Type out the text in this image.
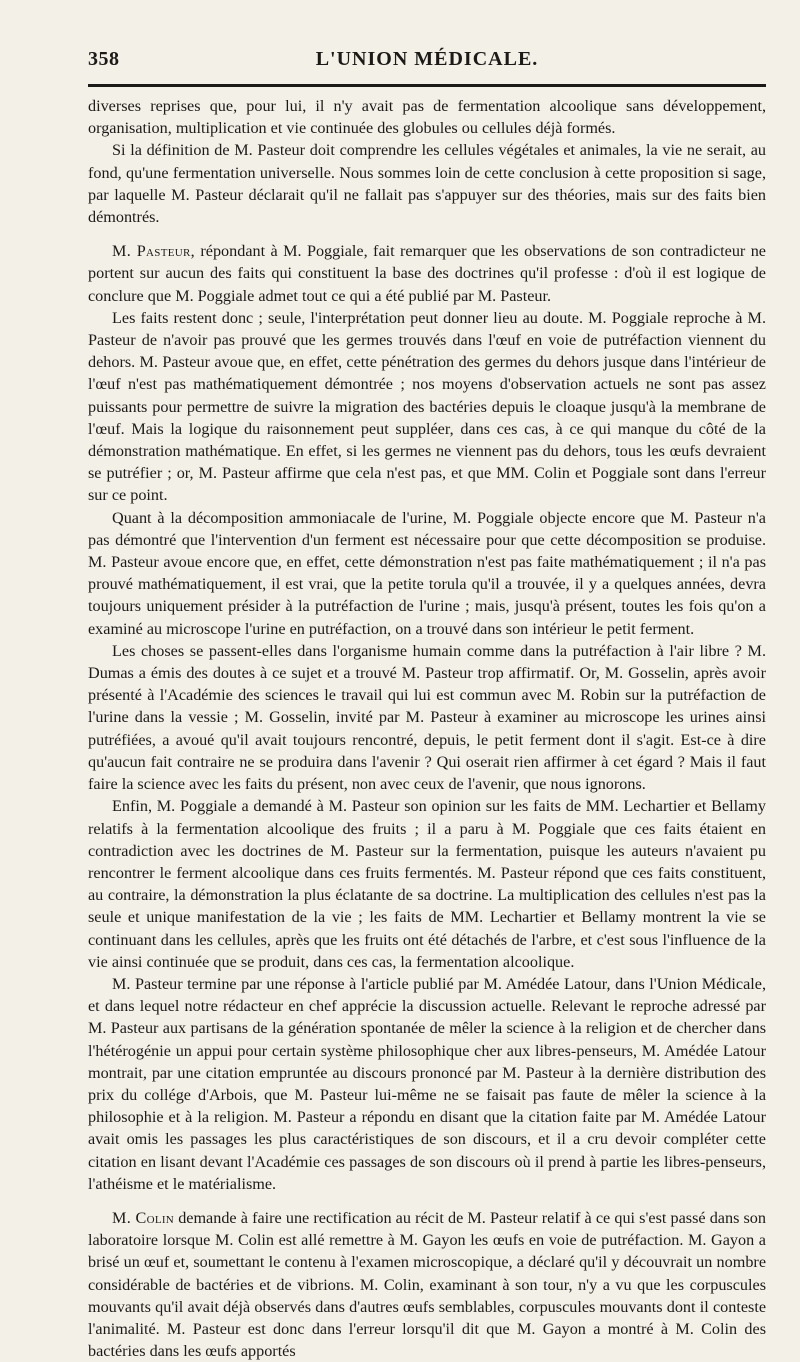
358	L'UNION MÉDICALE.

diverses reprises que, pour lui, il n'y avait pas de fermentation alcoolique sans développement, organisation, multiplication et vie continuée des globules ou cellules déjà formés.

Si la définition de M. Pasteur doit comprendre les cellules végétales et animales, la vie ne serait, au fond, qu'une fermentation universelle. Nous sommes loin de cette conclusion à cette proposition si sage, par laquelle M. Pasteur déclarait qu'il ne fallait pas s'appuyer sur des théories, mais sur des faits bien démontrés.

M. Pasteur, répondant à M. Poggiale, fait remarquer que les observations de son contradicteur ne portent sur aucun des faits qui constituent la base des doctrines qu'il professe : d'où il est logique de conclure que M. Poggiale admet tout ce qui a été publié par M. Pasteur.

Les faits restent donc ; seule, l'interprétation peut donner lieu au doute. M. Poggiale reproche à M. Pasteur de n'avoir pas prouvé que les germes trouvés dans l'œuf en voie de putréfaction viennent du dehors. M. Pasteur avoue que, en effet, cette pénétration des germes du dehors jusque dans l'intérieur de l'œuf n'est pas mathématiquement démontrée ; nos moyens d'observation actuels ne sont pas assez puissants pour permettre de suivre la migration des bactéries depuis le cloaque jusqu'à la membrane de l'œuf. Mais la logique du raisonnement peut suppléer, dans ces cas, à ce qui manque du côté de la démonstration mathématique. En effet, si les germes ne viennent pas du dehors, tous les œufs devraient se putréfier ; or, M. Pasteur affirme que cela n'est pas, et que MM. Colin et Poggiale sont dans l'erreur sur ce point.

Quant à la décomposition ammoniacale de l'urine, M. Poggiale objecte encore que M. Pasteur n'a pas démontré que l'intervention d'un ferment est nécessaire pour que cette décomposition se produise. M. Pasteur avoue encore que, en effet, cette démonstration n'est pas faite mathématiquement ; il n'a pas prouvé mathématiquement, il est vrai, que la petite torula qu'il a trouvée, il y a quelques années, devra toujours uniquement présider à la putréfaction de l'urine ; mais, jusqu'à présent, toutes les fois qu'on a examiné au microscope l'urine en putréfaction, on a trouvé dans son intérieur le petit ferment.

Les choses se passent-elles dans l'organisme humain comme dans la putréfaction à l'air libre ? M. Dumas a émis des doutes à ce sujet et a trouvé M. Pasteur trop affirmatif. Or, M. Gosselin, après avoir présenté à l'Académie des sciences le travail qui lui est commun avec M. Robin sur la putréfaction de l'urine dans la vessie ; M. Gosselin, invité par M. Pasteur à examiner au microscope les urines ainsi putréfiées, a avoué qu'il avait toujours rencontré, depuis, le petit ferment dont il s'agit. Est-ce à dire qu'aucun fait contraire ne se produira dans l'avenir ? Qui oserait rien affirmer à cet égard ? Mais il faut faire la science avec les faits du présent, non avec ceux de l'avenir, que nous ignorons.

Enfin, M. Poggiale a demandé à M. Pasteur son opinion sur les faits de MM. Lechartier et Bellamy relatifs à la fermentation alcoolique des fruits ; il a paru à M. Poggiale que ces faits étaient en contradiction avec les doctrines de M. Pasteur sur la fermentation, puisque les auteurs n'avaient pu rencontrer le ferment alcoolique dans ces fruits fermentés. M. Pasteur répond que ces faits constituent, au contraire, la démonstration la plus éclatante de sa doctrine. La multiplication des cellules n'est pas la seule et unique manifestation de la vie ; les faits de MM. Lechartier et Bellamy montrent la vie se continuant dans les cellules, après que les fruits ont été détachés de l'arbre, et c'est sous l'influence de la vie ainsi continuée que se produit, dans ces cas, la fermentation alcoolique.

M. Pasteur termine par une réponse à l'article publié par M. Amédée Latour, dans l'Union Médicale, et dans lequel notre rédacteur en chef apprécie la discussion actuelle. Relevant le reproche adressé par M. Pasteur aux partisans de la génération spontanée de mêler la science à la religion et de chercher dans l'hétérogénie un appui pour certain système philosophique cher aux libres-penseurs, M. Amédée Latour montrait, par une citation empruntée au discours prononcé par M. Pasteur à la dernière distribution des prix du collége d'Arbois, que M. Pasteur lui-même ne se faisait pas faute de mêler la science à la philosophie et à la religion. M. Pasteur a répondu en disant que la citation faite par M. Amédée Latour avait omis les passages les plus caractéristiques de son discours, et il a cru devoir compléter cette citation en lisant devant l'Académie ces passages de son discours où il prend à partie les libres-penseurs, l'athéisme et le matérialisme.

M. Colin demande à faire une rectification au récit de M. Pasteur relatif à ce qui s'est passé dans son laboratoire lorsque M. Colin est allé remettre à M. Gayon les œufs en voie de putréfaction. M. Gayon a brisé un œuf et, soumettant le contenu à l'examen microscopique, a déclaré qu'il y découvrait un nombre considérable de bactéries et de vibrions. M. Colin, examinant à son tour, n'y a vu que les corpuscules mouvants qu'il avait déjà observés dans d'autres œufs semblables, corpuscules mouvants dont il conteste l'animalité. M. Pasteur est donc dans l'erreur lorsqu'il dit que M. Gayon a montré à M. Colin des bactéries dans les œufs apportés
